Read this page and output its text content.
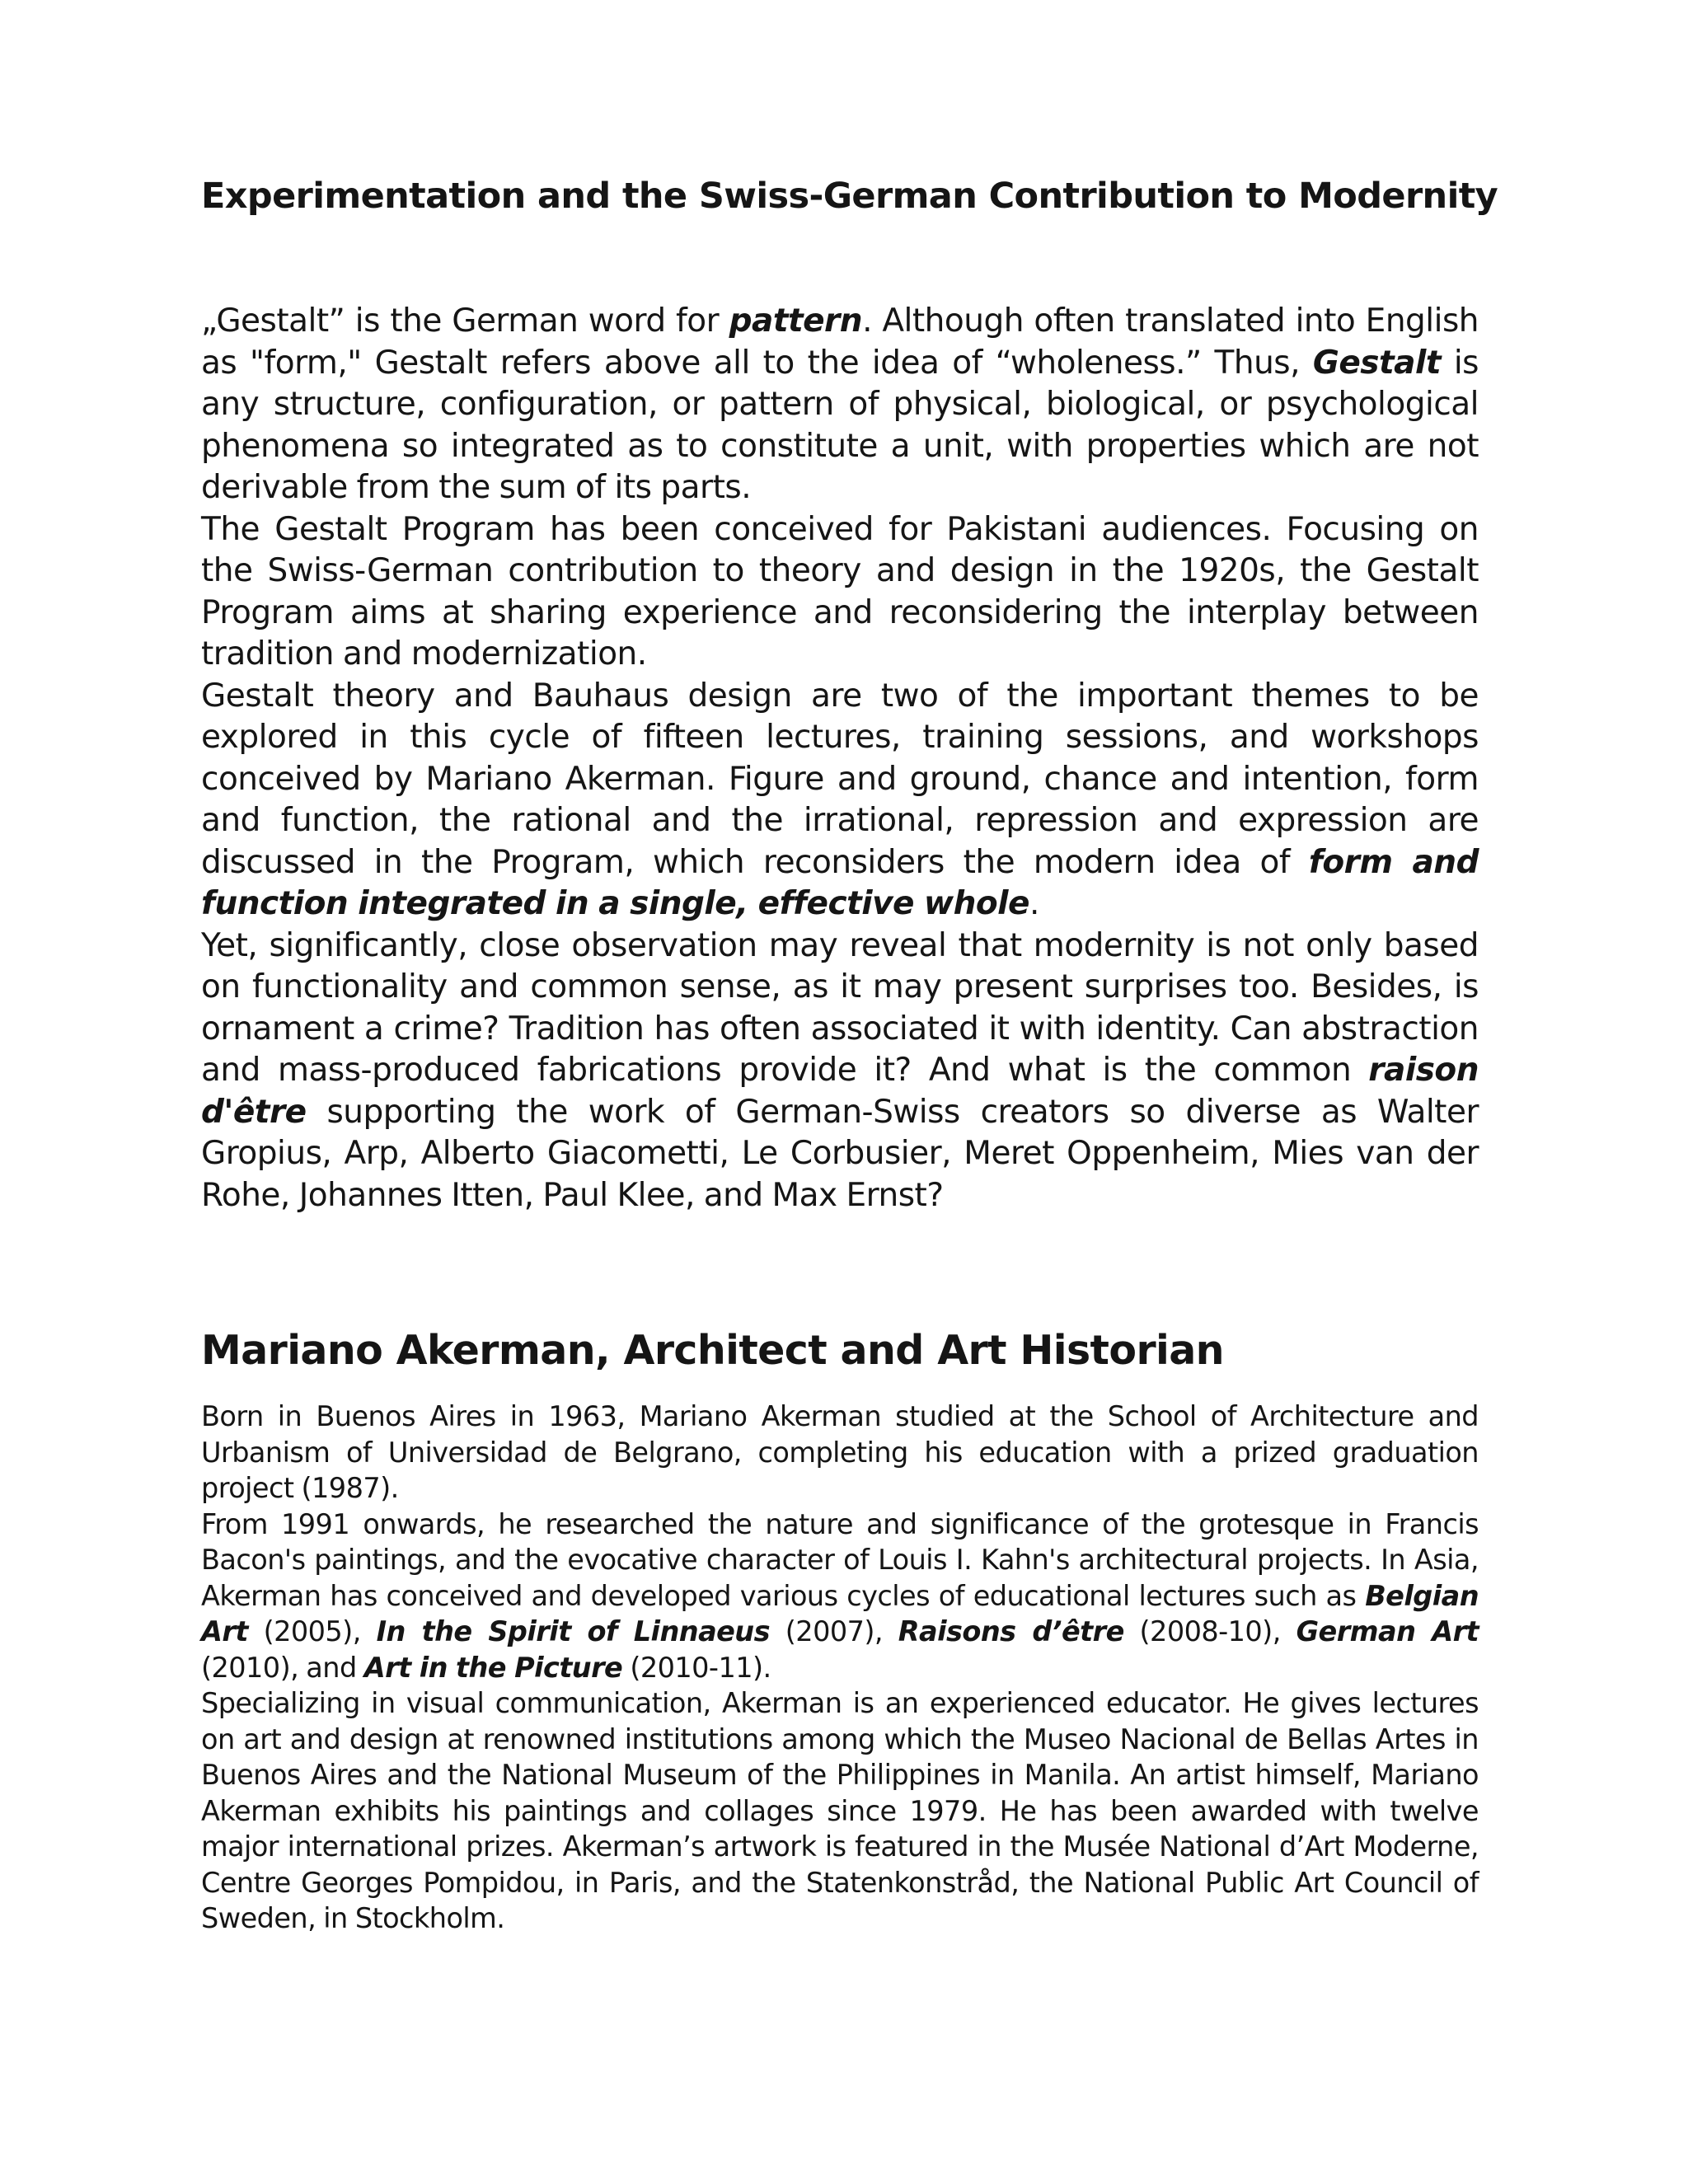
Experimentation and the Swiss-German Contribution to Modernity

„Gestalt” is the German word for pattern. Although often translated into English as "form," Gestalt refers above all to the idea of “wholeness.” Thus, Gestalt is any structure, configuration, or pattern of physical, biological, or psychological phenomena so integrated as to constitute a unit, with properties which are not derivable from the sum of its parts.

The Gestalt Program has been conceived for Pakistani audiences. Focusing on the Swiss-German contribution to theory and design in the 1920s, the Gestalt Program aims at sharing experience and reconsidering the interplay between tradition and modernization.

Gestalt theory and Bauhaus design are two of the important themes to be explored in this cycle of fifteen lectures, training sessions, and workshops conceived by Mariano Akerman. Figure and ground, chance and intention, form and function, the rational and the irrational, repression and expression are discussed in the Program, which reconsiders the modern idea of form and function integrated in a single, effective whole.

Yet, significantly, close observation may reveal that modernity is not only based on functionality and common sense, as it may present surprises too. Besides, is ornament a crime? Tradition has often associated it with identity. Can abstraction and mass-produced fabrications provide it? And what is the common raison d'être supporting the work of German-Swiss creators so diverse as Walter Gropius, Arp, Alberto Giacometti, Le Corbusier, Meret Oppenheim, Mies van der Rohe, Johannes Itten, Paul Klee, and Max Ernst?

Mariano Akerman, Architect and Art Historian

Born in Buenos Aires in 1963, Mariano Akerman studied at the School of Architecture and Urbanism of Universidad de Belgrano, completing his education with a prized graduation project (1987).

From 1991 onwards, he researched the nature and significance of the grotesque in Francis Bacon's paintings, and the evocative character of Louis I. Kahn's architectural projects. In Asia, Akerman has conceived and developed various cycles of educational lectures such as Belgian Art (2005), In the Spirit of Linnaeus (2007), Raisons d’être (2008-10), German Art (2010), and Art in the Picture (2010-11).

Specializing in visual communication, Akerman is an experienced educator. He gives lectures on art and design at renowned institutions among which the Museo Nacional de Bellas Artes in Buenos Aires and the National Museum of the Philippines in Manila. An artist himself, Mariano Akerman exhibits his paintings and collages since 1979. He has been awarded with twelve major international prizes. Akerman’s artwork is featured in the Musée National d’Art Moderne, Centre Georges Pompidou, in Paris, and the Statenkonstråd, the National Public Art Council of Sweden, in Stockholm.
